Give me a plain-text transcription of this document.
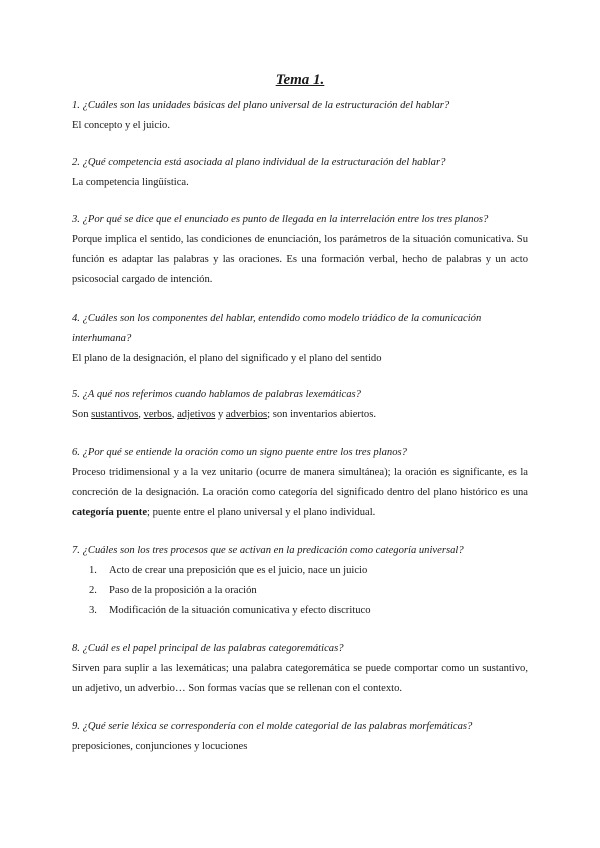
Tema 1.

1. ¿Cuáles son las unidades básicas del plano universal de la estructuración del hablar?

El concepto y el juicio.

2. ¿Qué competencia está asociada al plano individual de la estructuración del hablar?

La competencia lingüística.

3. ¿Por qué se dice que el enunciado es punto de llegada en la interrelación entre los tres planos?

Porque implica el sentido, las condiciones de enunciación, los parámetros de la situación comunicativa. Su función es adaptar las palabras y las oraciones. Es una formación verbal, hecho de palabras y un acto psicosocial cargado de intención.

4. ¿Cuáles son los componentes del hablar, entendido como modelo triádico de la comunicación interhumana?

El plano de la designación, el plano del significado y el plano del sentido

5. ¿A qué nos referimos cuando hablamos de palabras lexemáticas?

Son sustantivos, verbos, adjetivos y adverbios; son inventarios abiertos.

6. ¿Por qué se entiende la oración como un signo puente entre los tres planos?

Proceso tridimensional y a la vez unitario (ocurre de manera simultánea); la oración es significante, es la concreción de la designación. La oración como categoría del significado dentro del plano histórico es una categoría puente; puente entre el plano universal y el plano individual.

7. ¿Cuáles son los tres procesos que se activan en la predicación como categoría universal?

1. Acto de crear una preposición que es el juicio, nace un juicio
2. Paso de la proposición a la oración
3. Modificación de la situación comunicativa y efecto discrituco

8. ¿Cuál es el papel principal de las palabras categoremáticas?

Sirven para suplir a las lexemáticas; una palabra categoremática se puede comportar como un sustantivo, un adjetivo, un adverbio… Son formas vacías que se rellenan con el contexto.

9. ¿Qué serie léxica se correspondería con el molde categorial de las palabras morfemáticas?

preposiciones, conjunciones y locuciones
